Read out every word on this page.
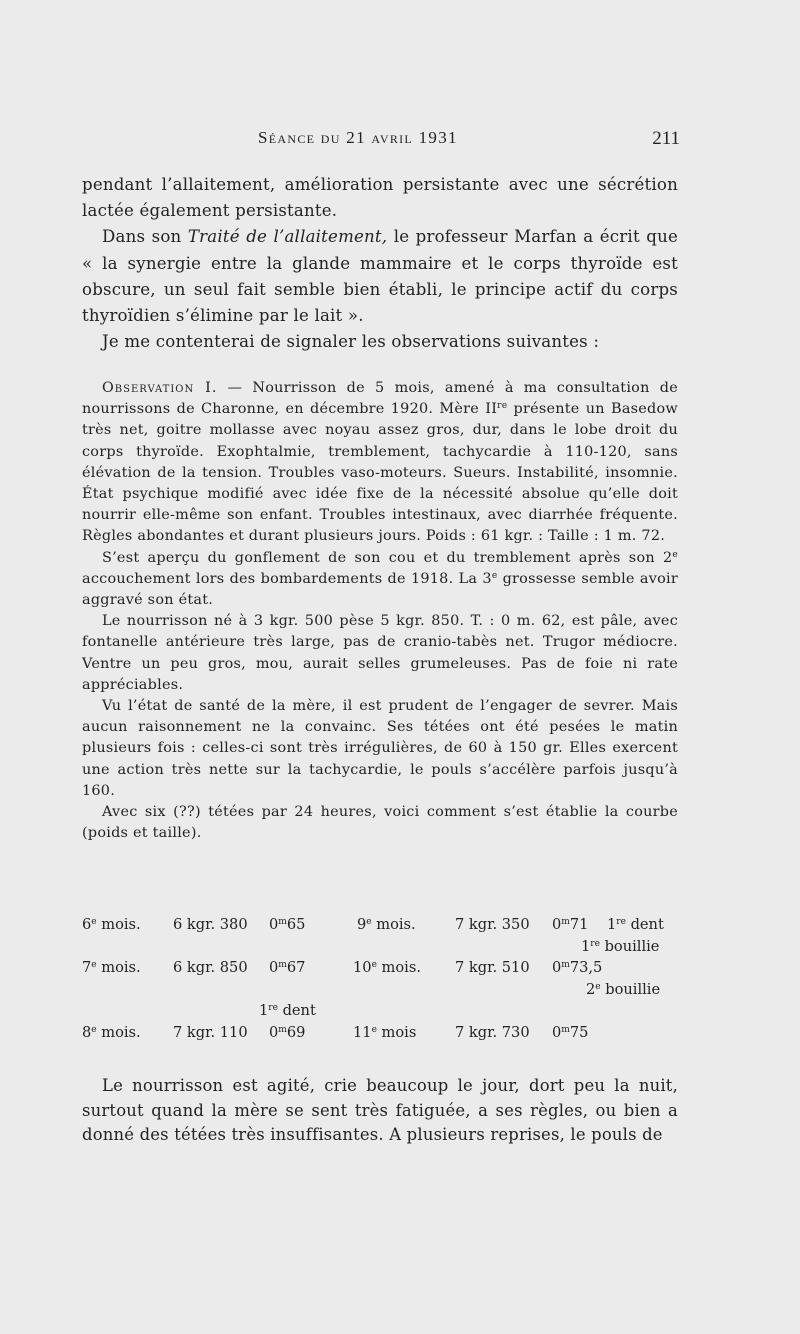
Séance du 21 avril 1931	211

pendant l’allaitement, amélioration persistante avec une sécrétion lactée également persistante.

Dans son Traité de l’allaitement, le professeur Marfan a écrit que « la synergie entre la glande mammaire et le corps thyroïde est obscure, un seul fait semble bien établi, le principe actif du corps thyroïdien s’élimine par le lait ».

Je me contenterai de signaler les observations suivantes :

Observation I. — Nourrisson de 5 mois, amené à ma consultation de nourrissons de Charonne, en décembre 1920. Mère IIre présente un Basedow très net, goitre mollasse avec noyau assez gros, dur, dans le lobe droit du corps thyroïde. Exophtalmie, tremblement, tachycardie à 110-120, sans élévation de la tension. Troubles vaso-moteurs. Sueurs. Instabilité, insomnie. État psychique modifié avec idée fixe de la nécessité absolue qu’elle doit nourrir elle-même son enfant. Troubles intestinaux, avec diarrhée fréquente. Règles abondantes et durant plusieurs jours. Poids : 61 kgr. : Taille : 1 m. 72.

S’est aperçu du gonflement de son cou et du tremblement après son 2e accouchement lors des bombardements de 1918. La 3e grossesse semble avoir aggravé son état.

Le nourrisson né à 3 kgr. 500 pèse 5 kgr. 850. T. : 0 m. 62, est pâle, avec fontanelle antérieure très large, pas de cranio-tabès net. Trugor médiocre. Ventre un peu gros, mou, aurait selles grumeleuses. Pas de foie ni rate appréciables.

Vu l’état de santé de la mère, il est prudent de l’engager de sevrer. Mais aucun raisonnement ne la convainc. Ses tétées ont été pesées le matin plusieurs fois : celles-ci sont très irrégulières, de 60 à 150 gr. Elles exercent une action très nette sur la tachycardie, le pouls s’accélère parfois jusqu’à 160.

Avec six (??) tétées par 24 heures, voici comment s’est établie la courbe (poids et taille).

6e mois. 6 kgr. 380 0$^m$65	9e mois.	7 kgr. 350 0$^m$71 1re dent
1re bouillie
7e mois. 6 kgr. 850 0$^m$67	10e mois. 7 kgr. 510 0$^m$73,5
2e bouillie
1re dent
8e mois. 7 kgr. 110 0$^m$69	11e mois	7 kgr. 730 0$^m$75

Le nourrisson est agité, crie beaucoup le jour, dort peu la nuit, surtout quand la mère se sent très fatiguée, a ses règles, ou bien a donné des tétées très insuffisantes. A plusieurs reprises, le pouls de
